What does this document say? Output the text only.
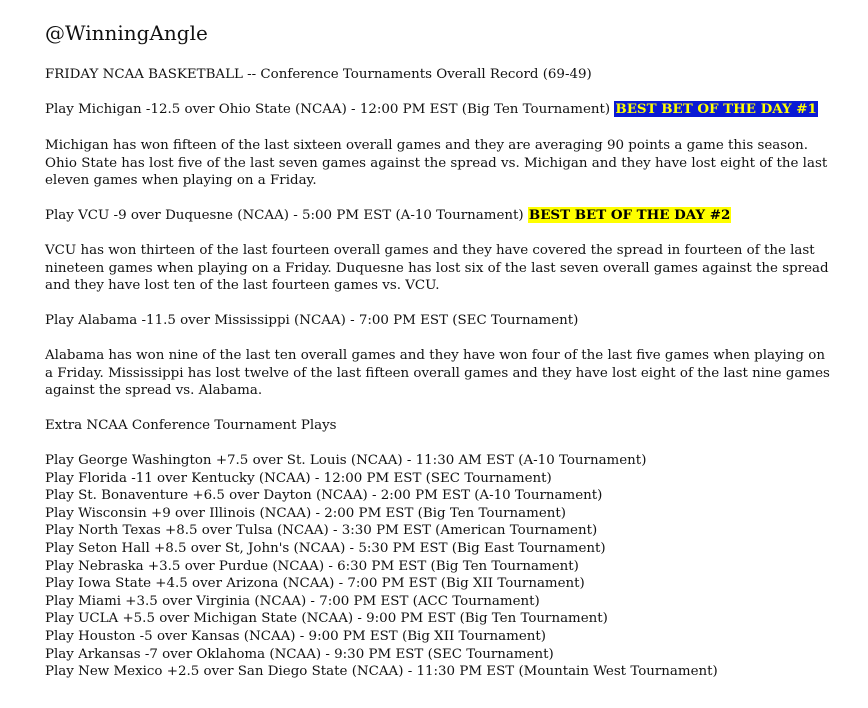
@WinningAngle
FRIDAY NCAA BASKETBALL -- Conference Tournaments Overall Record (69-49)
Play Michigan -12.5 over Ohio State (NCAA) - 12:00 PM EST (Big Ten Tournament) BEST BET OF THE DAY #1
Michigan has won fifteen of the last sixteen overall games and they are averaging 90 points a game this season. Ohio State has lost five of the last seven games against the spread vs. Michigan and they have lost eight of the last eleven games when playing on a Friday.
Play VCU -9 over Duquesne (NCAA) - 5:00 PM EST (A-10 Tournament) BEST BET OF THE DAY #2
VCU has won thirteen of the last fourteen overall games and they have covered the spread in fourteen of the last nineteen games when playing on a Friday. Duquesne has lost six of the last seven overall games against the spread and they have lost ten of the last fourteen games vs. VCU.
Play Alabama -11.5 over Mississippi (NCAA) - 7:00 PM EST (SEC Tournament)
Alabama has won nine of the last ten overall games and they have won four of the last five games when playing on a Friday. Mississippi has lost twelve of the last fifteen overall games and they have lost eight of the last nine games against the spread vs. Alabama.
Extra NCAA Conference Tournament Plays
Play George Washington +7.5 over St. Louis (NCAA) - 11:30 AM EST (A-10 Tournament)
Play Florida -11 over Kentucky (NCAA) - 12:00 PM EST (SEC Tournament)
Play St. Bonaventure +6.5 over Dayton (NCAA) - 2:00 PM EST (A-10 Tournament)
Play Wisconsin +9 over Illinois (NCAA) - 2:00 PM EST (Big Ten Tournament)
Play North Texas +8.5 over Tulsa (NCAA) - 3:30 PM EST (American Tournament)
Play Seton Hall +8.5 over St, John's (NCAA) - 5:30 PM EST (Big East Tournament)
Play Nebraska +3.5 over Purdue (NCAA) - 6:30 PM EST (Big Ten Tournament)
Play Iowa State +4.5 over Arizona (NCAA) - 7:00 PM EST (Big XII Tournament)
Play Miami +3.5 over Virginia (NCAA) - 7:00 PM EST (ACC Tournament)
Play UCLA +5.5 over Michigan State (NCAA) - 9:00 PM EST (Big Ten Tournament)
Play Houston -5 over Kansas (NCAA) - 9:00 PM EST (Big XII Tournament)
Play Arkansas -7 over Oklahoma (NCAA) - 9:30 PM EST (SEC Tournament)
Play New Mexico +2.5 over San Diego State (NCAA) - 11:30 PM EST (Mountain West Tournament)
